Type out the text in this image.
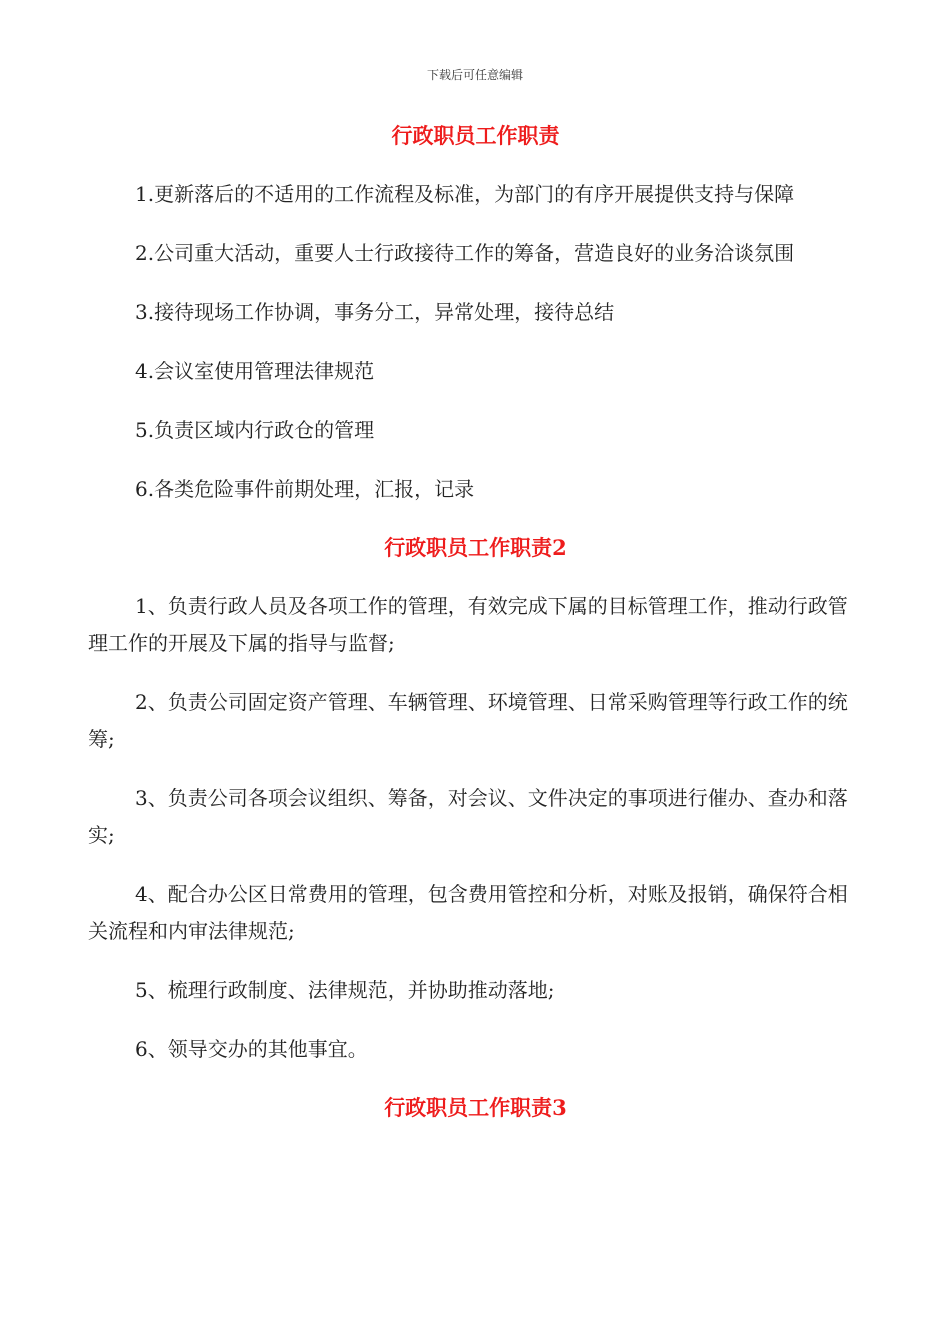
下载后可任意编辑
行政职员工作职责

1.更新落后的不适用的工作流程及标准，为部门的有序开展提供支持与保障

2.公司重大活动，重要人士行政接待工作的筹备，营造良好的业务洽谈氛围

3.接待现场工作协调，事务分工，异常处理，接待总结

4.会议室使用管理法律规范

5.负责区域内行政仓的管理

6.各类危险事件前期处理，汇报，记录

行政职员工作职责2

1、负责行政人员及各项工作的管理，有效完成下属的目标管理工作，推动行政管理工作的开展及下属的指导与监督;

2、负责公司固定资产管理、车辆管理、环境管理、日常采购管理等行政工作的统筹;

3、负责公司各项会议组织、筹备，对会议、文件决定的事项进行催办、查办和落实;

4、配合办公区日常费用的管理，包含费用管控和分析，对账及报销，确保符合相关流程和内审法律规范;

5、梳理行政制度、法律规范，并协助推动落地;

6、领导交办的其他事宜。

行政职员工作职责3
